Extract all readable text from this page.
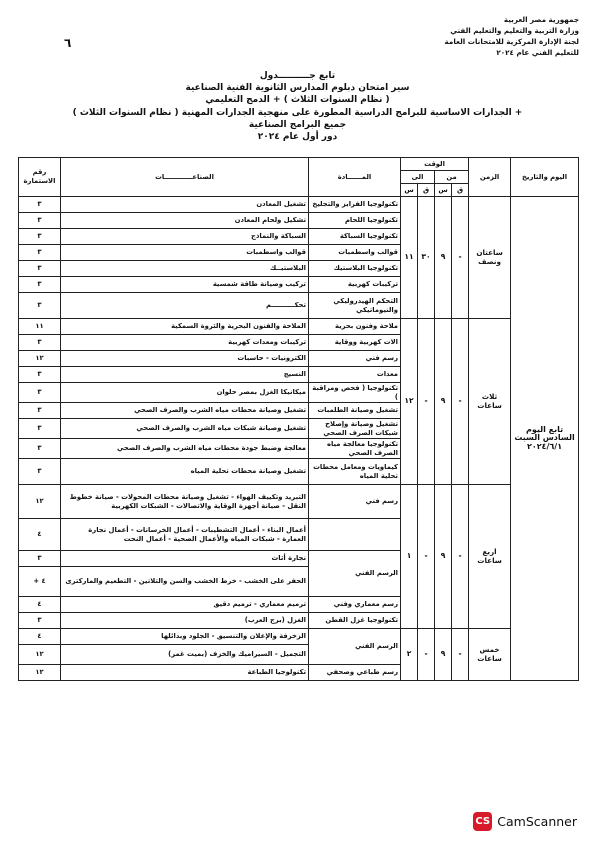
جمهورية مصر العربية
وزارة التربية والتعليم والتعليم الفني
لجنة الإدارة المركزية للامتحانات العامة
للتعليم الفني عام ٢٠٢٤
٦
تابع جــــــــــدول
سير امتحان دبلوم المدارس الثانوية الفنية الصناعية
( نظام السنوات الثلاث ) + الدمج التعليمي
+ الجدارات الاساسية للبرامج الدراسية المطورة على منهجية الجدارات المهنية ( نظام السنوات الثلاث )
جميع البرامج الصناعية
دور أول عام ٢٠٢٤
اليوم والتاريخ	الزمن	الوقت				المــــــادة	الصناعــــــــــــات	رقم الاستمارة
		من		الى				
		ق	س	ق	س			
تابع اليوم السادس السبت ٢٠٢٤/٦/١	ساعتان ونصف	-	٩	٣٠	١١	تكنولوجيا الفرايز والتجليخ	تشغيل المعادن	٣
						تكنولوجيا اللحام	تشكيل ولحام المعادن	٣
						تكنولوجيا السباكة	السباكة والنماذج	٣
						قوالب واسطمبات	قوالب واسطمبات	٣
						تكنولوجيا البلاستيك	البلاستيــك	٣
						تركيبات كهربية	تركيب وصيانة طاقة شمسية	٣
						التحكم الهيدروليكي والنيوماتيكي	تحكــــــــــم	٣
	ثلاث ساعات	-	٩	-	١٢	ملاحة وفنون بحرية	الملاحة والفنون البحرية والثروة السمكية	١١
						الات كهربية ووقاية	تركيبات ومعدات كهربية	٣
						رسم فني	الكترونيات - حاسبات	١٢
						معدات	النسيج	٣
						تكنولوجيا ( فحص ومراقبة )	ميكانيكا الغزل بمصر حلوان	٣
						تشغيل وصيانة الطلمبات	تشغيل وصيانة محطات مياه الشرب والصرف الصحي	٣
						تشغيل وصيانة وإصلاح شبكات الصرف الصحي	تشغيل وصيانة شبكات مياه الشرب والصرف الصحي	٣
						تكنولوجيا معالجة مياه الصرف الصحي	معالجة وضبط جودة محطات مياه الشرب والصرف الصحي	٣
						كيماويات ومعامل محطات تحلية المياه	تشغيل وصيانة محطات تحلية المياه	٣
	اربع ساعات	-	٩	-	١	رسم فني	التبريد وتكييف الهواء - تشغيل وصيانة محطات المحولات - صيانة خطوط النقل - صيانة أجهزة الوقاية والاتصالات - الشبكات الكهربية	١٢
							أعمال البناء - أعمال التشطيبات - أعمال الخرسانات - أعمال نجارة العمارة - شبكات المياه والأعمال الصحية - أعمال النحت	٤
						الرسم الفني	نجارة أثاث	٣
							الحفر على الخشب - خرط الخشب والسن والتلاتين - التطعيم والماركترى	٤ +
						رسم معماري وفني	ترميم معماري - ترميم دقيق	٤
						تكنولوجيا غزل القطن	الغزل (برج العرب)	٣
	خمس ساعات	-	٩	-	٢	الرسم الفني	الزخرفة والإعلان والتنسيق - الجلود وبدائلها	٤
							التجميل - السيراميك والخزف (بميت غمر)	١٢
						رسم طباعي وصحفي	تكنولوجيا الطباعة	١٢
CS CamScanner
